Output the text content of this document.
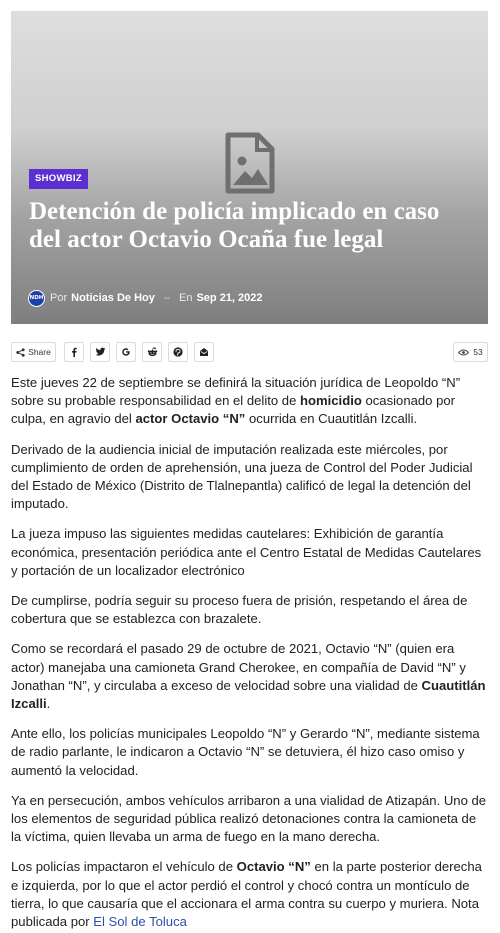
SHOWBIZ
Detención de policía implicado en caso del actor Octavio Ocaña fue legal
NDH Por Noticias De Hoy – En Sep 21, 2022
Share	53

Este jueves 22 de septiembre se definirá la situación jurídica de Leopoldo “N” sobre su probable responsabilidad en el delito de homicidio ocasionado por culpa, en agravio del actor Octavio “N” ocurrida en Cuautitlán Izcalli.

Derivado de la audiencia inicial de imputación realizada este miércoles, por cumplimiento de orden de aprehensión, una jueza de Control del Poder Judicial del Estado de México (Distrito de Tlalnepantla) calificó de legal la detención del imputado.

La jueza impuso las siguientes medidas cautelares: Exhibición de garantía económica, presentación periódica ante el Centro Estatal de Medidas Cautelares y portación de un localizador electrónico

De cumplirse, podría seguir su proceso fuera de prisión, respetando el área de cobertura que se establezca con brazalete.

Como se recordará el pasado 29 de octubre de 2021, Octavio “N” (quien era actor) manejaba una camioneta Grand Cherokee, en compañía de David “N” y Jonathan “N”, y circulaba a exceso de velocidad sobre una vialidad de Cuautitlán Izcalli.

Ante ello, los policías municipales Leopoldo “N” y Gerardo “N”, mediante sistema de radio parlante, le indicaron a Octavio “N” se detuviera, él hizo caso omiso y aumentó la velocidad.

Ya en persecución, ambos vehículos arribaron a una vialidad de Atizapán. Uno de los elementos de seguridad pública realizó detonaciones contra la camioneta de la víctima, quien llevaba un arma de fuego en la mano derecha.

Los policías impactaron el vehículo de Octavio “N” en la parte posterior derecha e izquierda, por lo que el actor perdió el control y chocó contra un montículo de tierra, lo que causaría que el accionara el arma contra su cuerpo y muriera. Nota publicada por El Sol de Toluca
